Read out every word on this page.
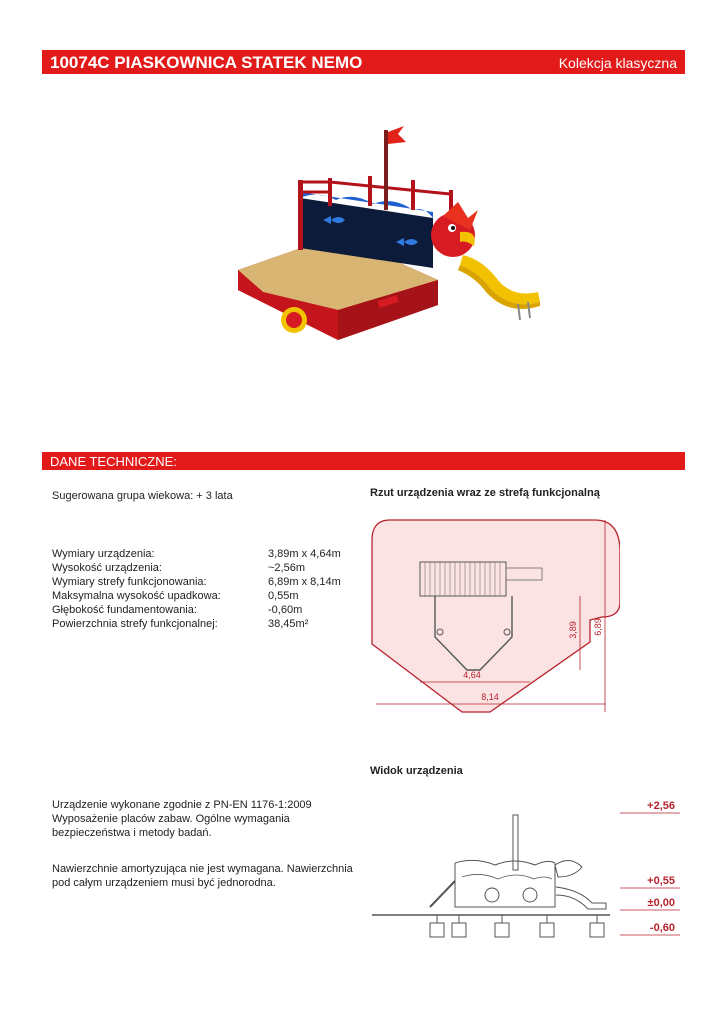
10074C PIASKOWNICA STATEK NEMO	Kolekcja klasyczna
DANE TECHNICZNE:
Sugerowana grupa wiekowa: + 3 lata
Wymiary urządzenia:	3,89m x 4,64m
Wysokość urządzenia:	~2,56m
Wymiary strefy funkcjonowania:	6,89m x 8,14m
Maksymalna wysokość upadkowa:	0,55m
Głębokość fundamentowania:	-0,60m
Powierzchnia strefy funkcjonalnej:	38,45m²
Urządzenie wykonane zgodnie z PN-EN 1176-1:2009
Wyposażenie placów zabaw. Ogólne wymagania
bezpieczeństwa i metody badań.
Nawierzchnie amortyzująca nie jest wymagana. Nawierzchnia
pod całym urządzeniem musi być jednorodna.
Rzut urządzenia wraz ze strefą funkcjonalną
4,64
8,14
3,89 6,89
Widok urządzenia
+2,56
+0,55
±0,00
-0,60
